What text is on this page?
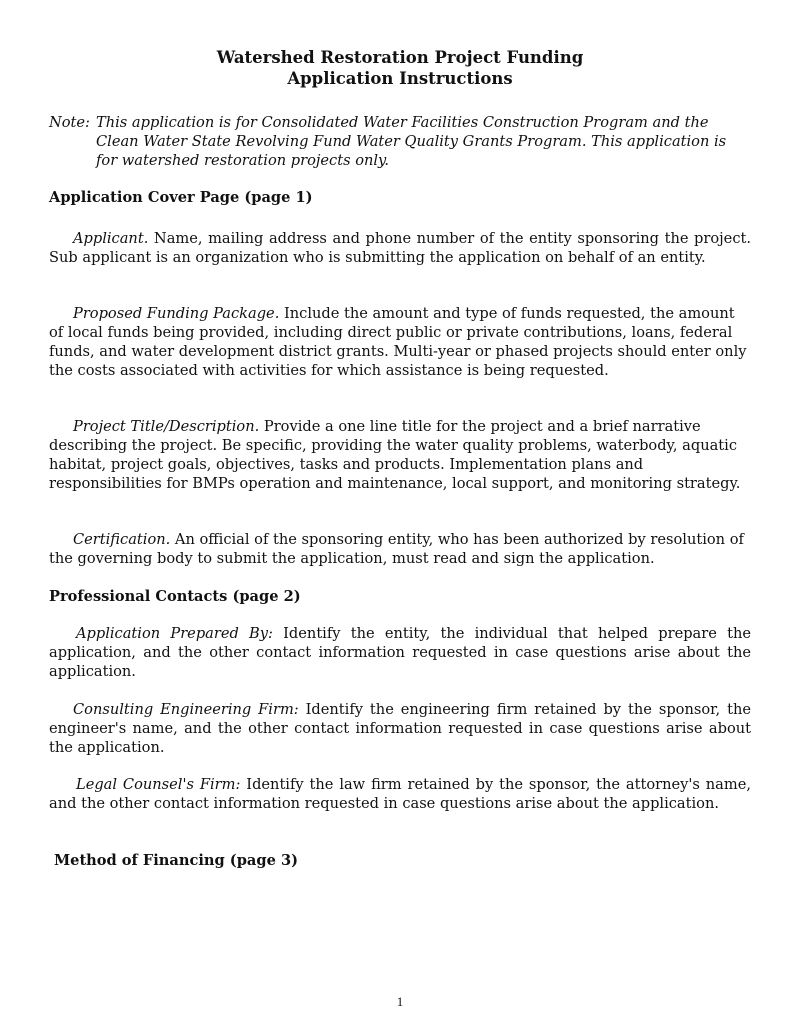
Watershed Restoration Project Funding
Application Instructions
Note: This application is for Consolidated Water Facilities Construction Program and the Clean Water State Revolving Fund Water Quality Grants Program. This application is for watershed restoration projects only.
Application Cover Page (page 1)

Applicant. Name, mailing address and phone number of the entity sponsoring the project. Sub applicant is an organization who is submitting the application on behalf of an entity.

Proposed Funding Package. Include the amount and type of funds requested, the amount of local funds being provided, including direct public or private contributions, loans, federal funds, and water development district grants. Multi-year or phased projects should enter only the costs associated with activities for which assistance is being requested.

Project Title/Description. Provide a one line title for the project and a brief narrative describing the project. Be specific, providing the water quality problems, waterbody, aquatic habitat, project goals, objectives, tasks and products. Implementation plans and responsibilities for BMPs operation and maintenance, local support, and monitoring strategy.

Certification. An official of the sponsoring entity, who has been authorized by resolution of the governing body to submit the application, must read and sign the application.

Professional Contacts (page 2)

Application Prepared By: Identify the entity, the individual that helped prepare the application, and the other contact information requested in case questions arise about the application.

Consulting Engineering Firm: Identify the engineering firm retained by the sponsor, the engineer's name, and the other contact information requested in case questions arise about the application.

Legal Counsel's Firm: Identify the law firm retained by the sponsor, the attorney's name, and the other contact information requested in case questions arise about the application.

Method of Financing (page 3)
1
